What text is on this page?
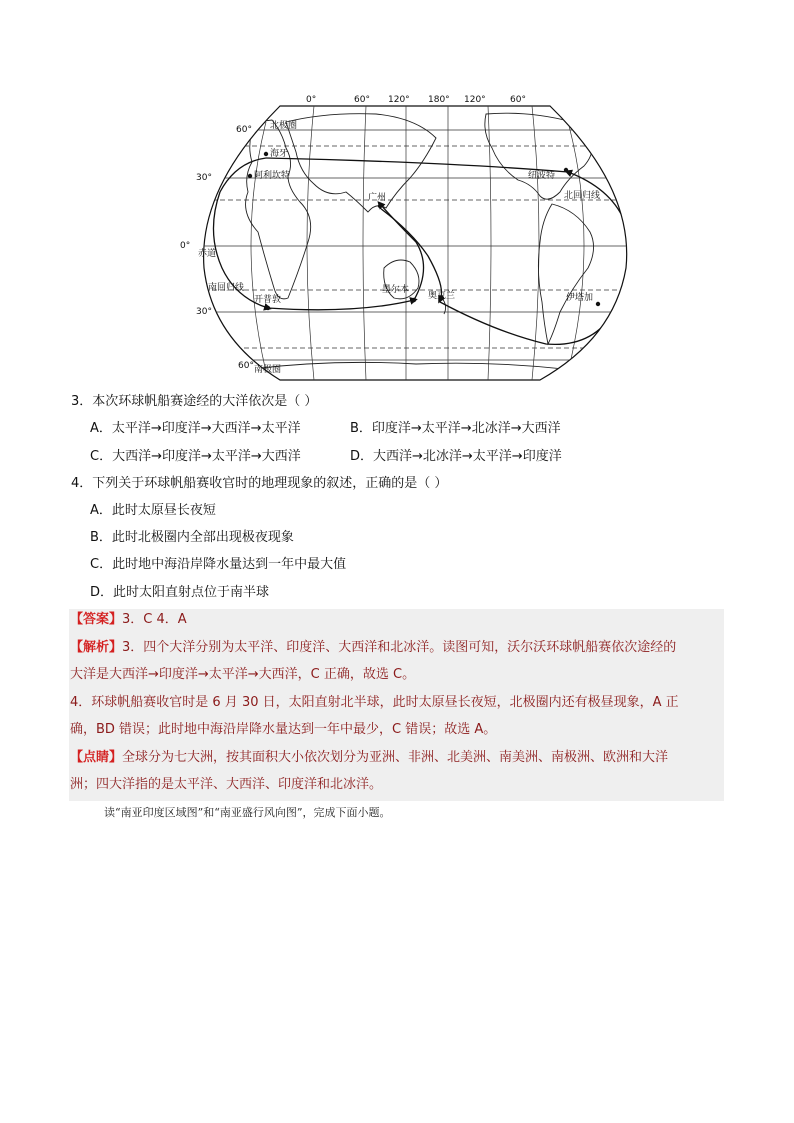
0°	60° 120° 180° 120°	60°
60°
30°
0°
30°
60°
北极圈
北回归线
赤道
南回归线
南极圈
海牙
阿利坎特
开普敦
广州
墨尔本
奥克兰	伊塔加
纽波特
3．本次环球帆船赛途经的大洋依次是（ ）
A．太平洋→印度洋→大西洋→太平洋	B．印度洋→太平洋→北冰洋→大西洋
C．大西洋→印度洋→太平洋→大西洋	D．大西洋→北冰洋→太平洋→印度洋
4．下列关于环球帆船赛收官时的地理现象的叙述，正确的是（ ）
A．此时太原昼长夜短
B．此时北极圈内全部出现极夜现象
C．此时地中海沿岸降水量达到一年中最大值
D．此时太阳直射点位于南半球
【答案】3．C 4．A
【解析】3．四个大洋分别为太平洋、印度洋、大西洋和北冰洋。读图可知，沃尔沃环球帆船赛依次途经的
大洋是大西洋→印度洋→太平洋→大西洋，C 正确，故选 C。
4．环球帆船赛收官时是 6 月 30 日，太阳直射北半球，此时太原昼长夜短，北极圈内还有极昼现象，A 正
确，BD 错误；此时地中海沿岸降水量达到一年中最少，C 错误；故选 A。
【点睛】全球分为七大洲，按其面积大小依次划分为亚洲、非洲、北美洲、南美洲、南极洲、欧洲和大洋
洲；四大洋指的是太平洋、大西洋、印度洋和北冰洋。
读“南亚印度区域图”和“南亚盛行风向图”，完成下面小题。
